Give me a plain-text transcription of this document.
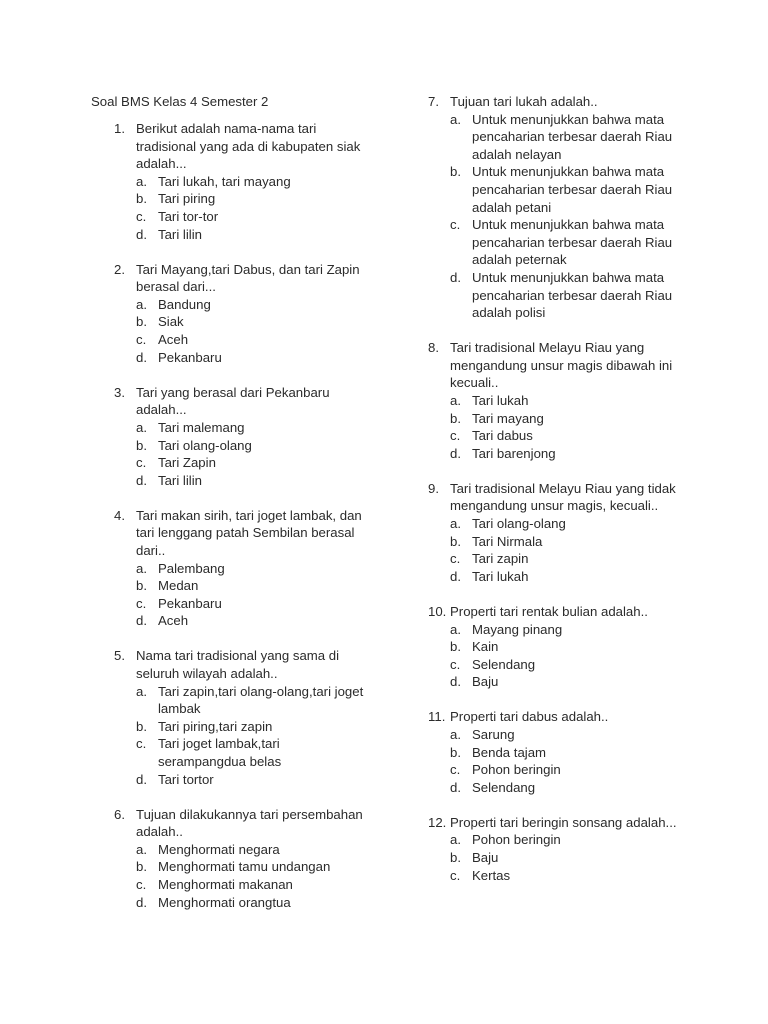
Soal BMS Kelas 4 Semester 2
1. Berikut adalah nama-nama tari tradisional yang ada di kabupaten siak adalah...
a. Tari lukah, tari mayang
b. Tari piring
c. Tari tor-tor
d. Tari lilin
2. Tari Mayang,tari Dabus, dan tari Zapin berasal dari...
a. Bandung
b. Siak
c. Aceh
d. Pekanbaru
3. Tari yang berasal dari Pekanbaru adalah...
a. Tari malemang
b. Tari olang-olang
c. Tari Zapin
d. Tari lilin
4. Tari makan sirih, tari joget lambak, dan tari lenggang patah Sembilan berasal dari..
a. Palembang
b. Medan
c. Pekanbaru
d. Aceh
5. Nama tari tradisional yang sama di seluruh wilayah adalah..
a. Tari zapin,tari olang-olang,tari joget lambak
b. Tari piring,tari zapin
c. Tari joget lambak,tari serampangdua belas
d. Tari tortor
6. Tujuan dilakukannya tari persembahan adalah..
a. Menghormati negara
b. Menghormati tamu undangan
c. Menghormati makanan
d. Menghormati orangtua
7. Tujuan tari lukah adalah..
a. Untuk menunjukkan bahwa mata pencaharian terbesar daerah Riau adalah nelayan
b. Untuk menunjukkan bahwa mata pencaharian terbesar daerah Riau adalah petani
c. Untuk menunjukkan bahwa mata pencaharian terbesar daerah Riau adalah peternak
d. Untuk menunjukkan bahwa mata pencaharian terbesar daerah Riau adalah polisi
8. Tari tradisional Melayu Riau yang mengandung unsur magis dibawah ini kecuali..
a. Tari lukah
b. Tari mayang
c. Tari dabus
d. Tari barenjong
9. Tari tradisional Melayu Riau yang tidak mengandung unsur magis, kecuali..
a. Tari olang-olang
b. Tari Nirmala
c. Tari zapin
d. Tari lukah
10. Properti tari rentak bulian adalah..
a. Mayang pinang
b. Kain
c. Selendang
d. Baju
11. Properti tari dabus adalah..
a. Sarung
b. Benda tajam
c. Pohon beringin
d. Selendang
12. Properti tari beringin sonsang adalah...
a. Pohon beringin
b. Baju
c. Kertas
